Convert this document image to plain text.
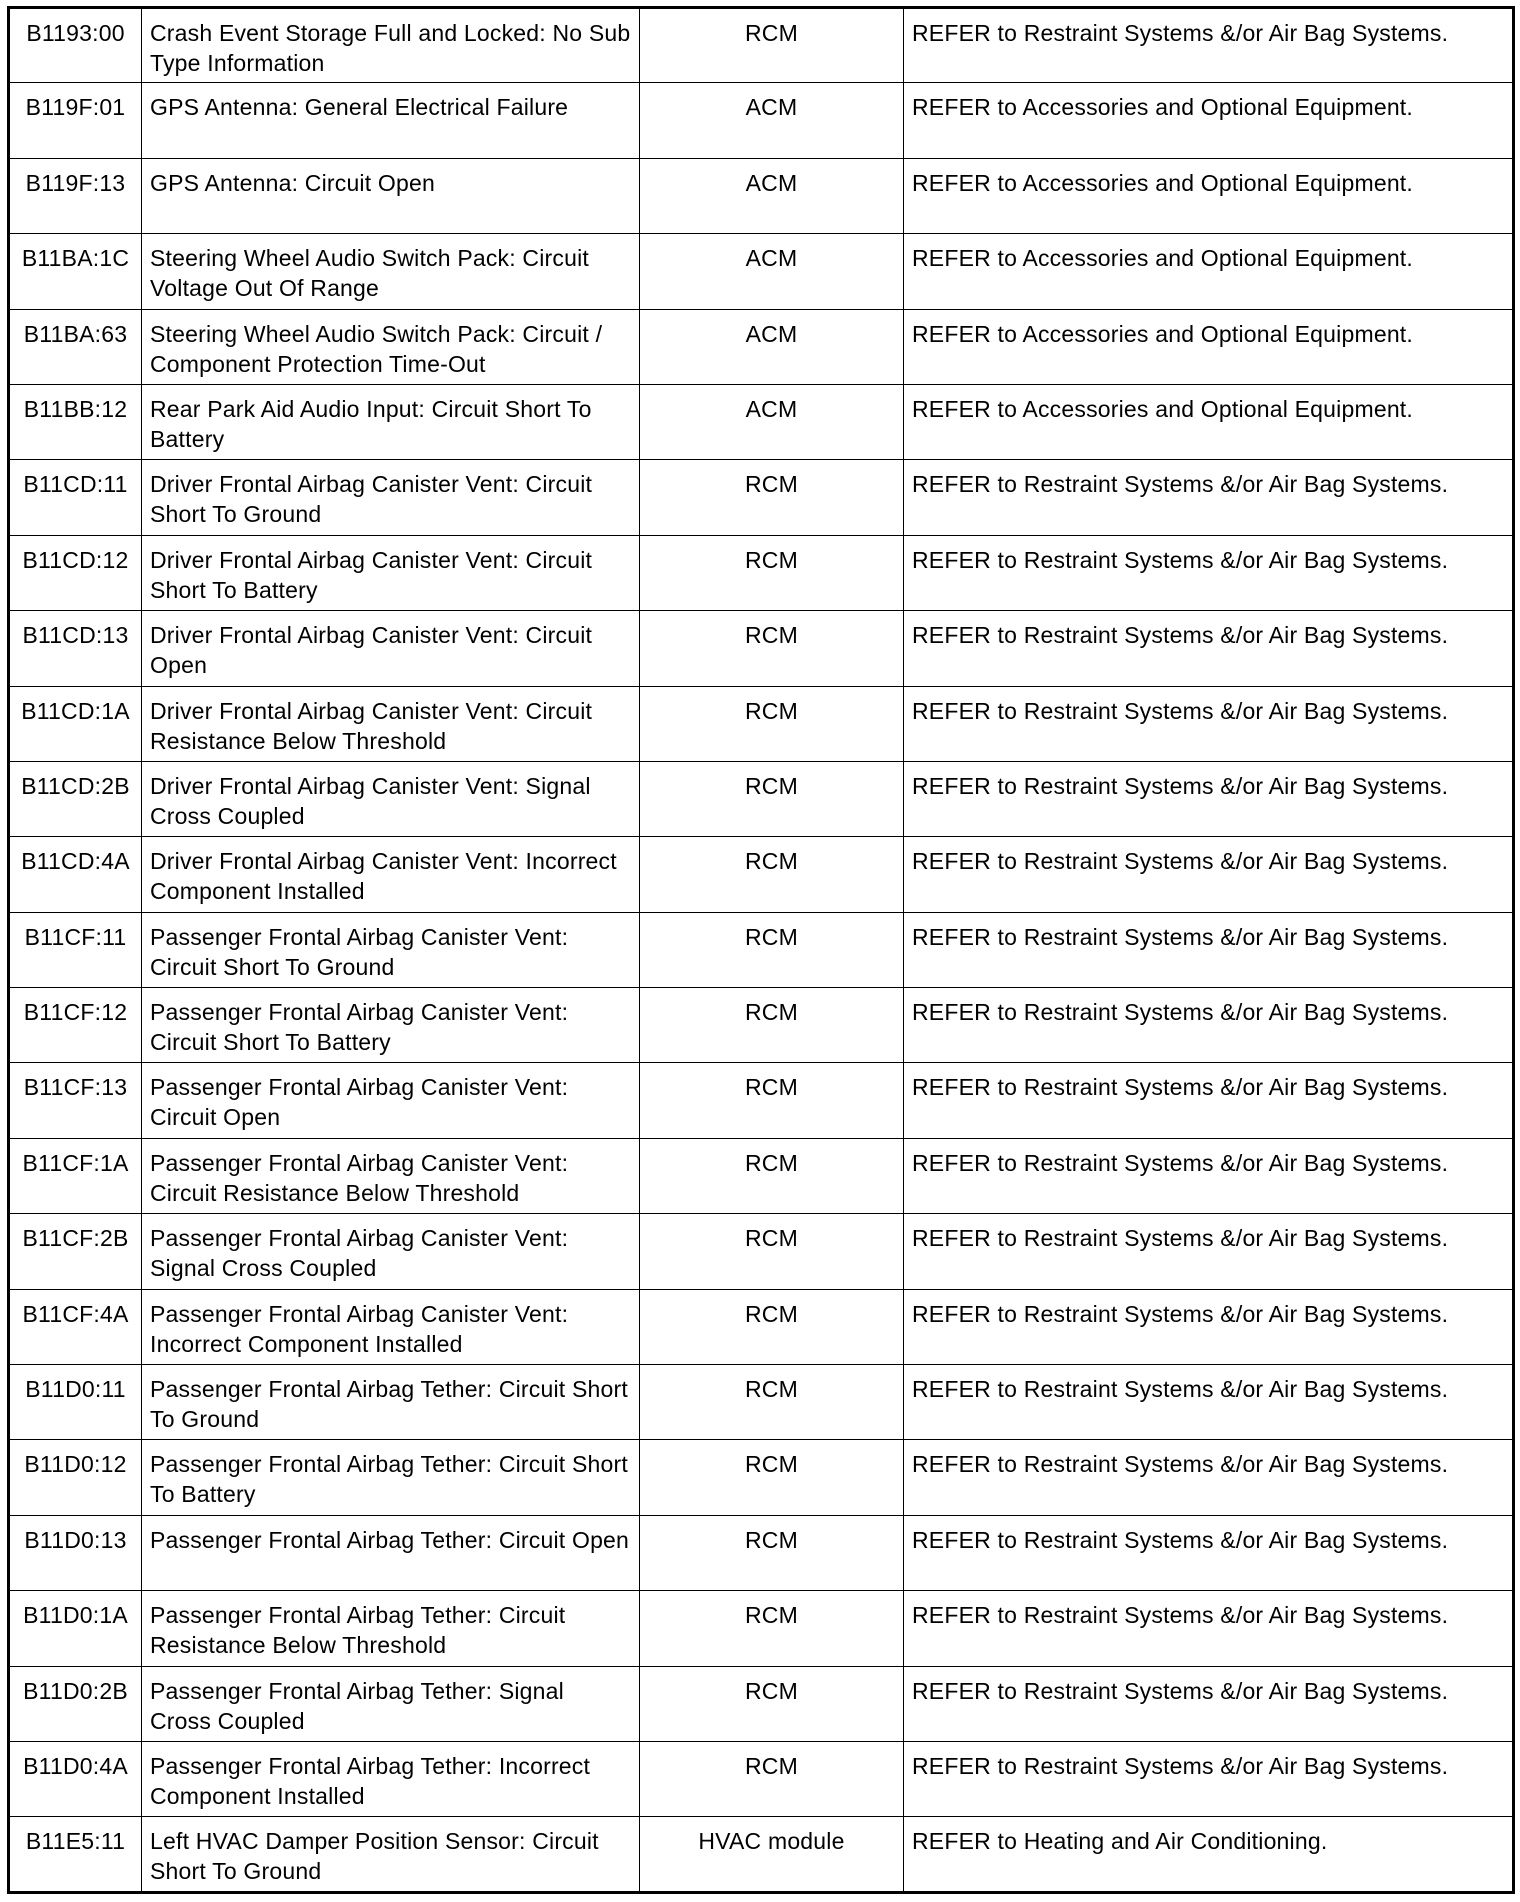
B1193:00	Crash Event Storage Full and Locked: No Sub Type Information	RCM	REFER to Restraint Systems &/or Air Bag Systems.
B119F:01	GPS Antenna: General Electrical Failure	ACM	REFER to Accessories and Optional Equipment.
B119F:13	GPS Antenna: Circuit Open	ACM	REFER to Accessories and Optional Equipment.
B11BA:1C	Steering Wheel Audio Switch Pack: Circuit Voltage Out Of Range	ACM	REFER to Accessories and Optional Equipment.
B11BA:63	Steering Wheel Audio Switch Pack: Circuit / Component Protection Time-Out	ACM	REFER to Accessories and Optional Equipment.
B11BB:12	Rear Park Aid Audio Input: Circuit Short To Battery	ACM	REFER to Accessories and Optional Equipment.
B11CD:11	Driver Frontal Airbag Canister Vent: Circuit Short To Ground	RCM	REFER to Restraint Systems &/or Air Bag Systems.
B11CD:12	Driver Frontal Airbag Canister Vent: Circuit Short To Battery	RCM	REFER to Restraint Systems &/or Air Bag Systems.
B11CD:13	Driver Frontal Airbag Canister Vent: Circuit Open	RCM	REFER to Restraint Systems &/or Air Bag Systems.
B11CD:1A	Driver Frontal Airbag Canister Vent: Circuit Resistance Below Threshold	RCM	REFER to Restraint Systems &/or Air Bag Systems.
B11CD:2B	Driver Frontal Airbag Canister Vent: Signal Cross Coupled	RCM	REFER to Restraint Systems &/or Air Bag Systems.
B11CD:4A	Driver Frontal Airbag Canister Vent: Incorrect Component Installed	RCM	REFER to Restraint Systems &/or Air Bag Systems.
B11CF:11	Passenger Frontal Airbag Canister Vent: Circuit Short To Ground	RCM	REFER to Restraint Systems &/or Air Bag Systems.
B11CF:12	Passenger Frontal Airbag Canister Vent: Circuit Short To Battery	RCM	REFER to Restraint Systems &/or Air Bag Systems.
B11CF:13	Passenger Frontal Airbag Canister Vent: Circuit Open	RCM	REFER to Restraint Systems &/or Air Bag Systems.
B11CF:1A	Passenger Frontal Airbag Canister Vent: Circuit Resistance Below Threshold	RCM	REFER to Restraint Systems &/or Air Bag Systems.
B11CF:2B	Passenger Frontal Airbag Canister Vent: Signal Cross Coupled	RCM	REFER to Restraint Systems &/or Air Bag Systems.
B11CF:4A	Passenger Frontal Airbag Canister Vent: Incorrect Component Installed	RCM	REFER to Restraint Systems &/or Air Bag Systems.
B11D0:11	Passenger Frontal Airbag Tether: Circuit Short To Ground	RCM	REFER to Restraint Systems &/or Air Bag Systems.
B11D0:12	Passenger Frontal Airbag Tether: Circuit Short To Battery	RCM	REFER to Restraint Systems &/or Air Bag Systems.
B11D0:13	Passenger Frontal Airbag Tether: Circuit Open	RCM	REFER to Restraint Systems &/or Air Bag Systems.
B11D0:1A	Passenger Frontal Airbag Tether: Circuit Resistance Below Threshold	RCM	REFER to Restraint Systems &/or Air Bag Systems.
B11D0:2B	Passenger Frontal Airbag Tether: Signal Cross Coupled	RCM	REFER to Restraint Systems &/or Air Bag Systems.
B11D0:4A	Passenger Frontal Airbag Tether: Incorrect Component Installed	RCM	REFER to Restraint Systems &/or Air Bag Systems.
B11E5:11	Left HVAC Damper Position Sensor: Circuit Short To Ground	HVAC module	REFER to Heating and Air Conditioning.
